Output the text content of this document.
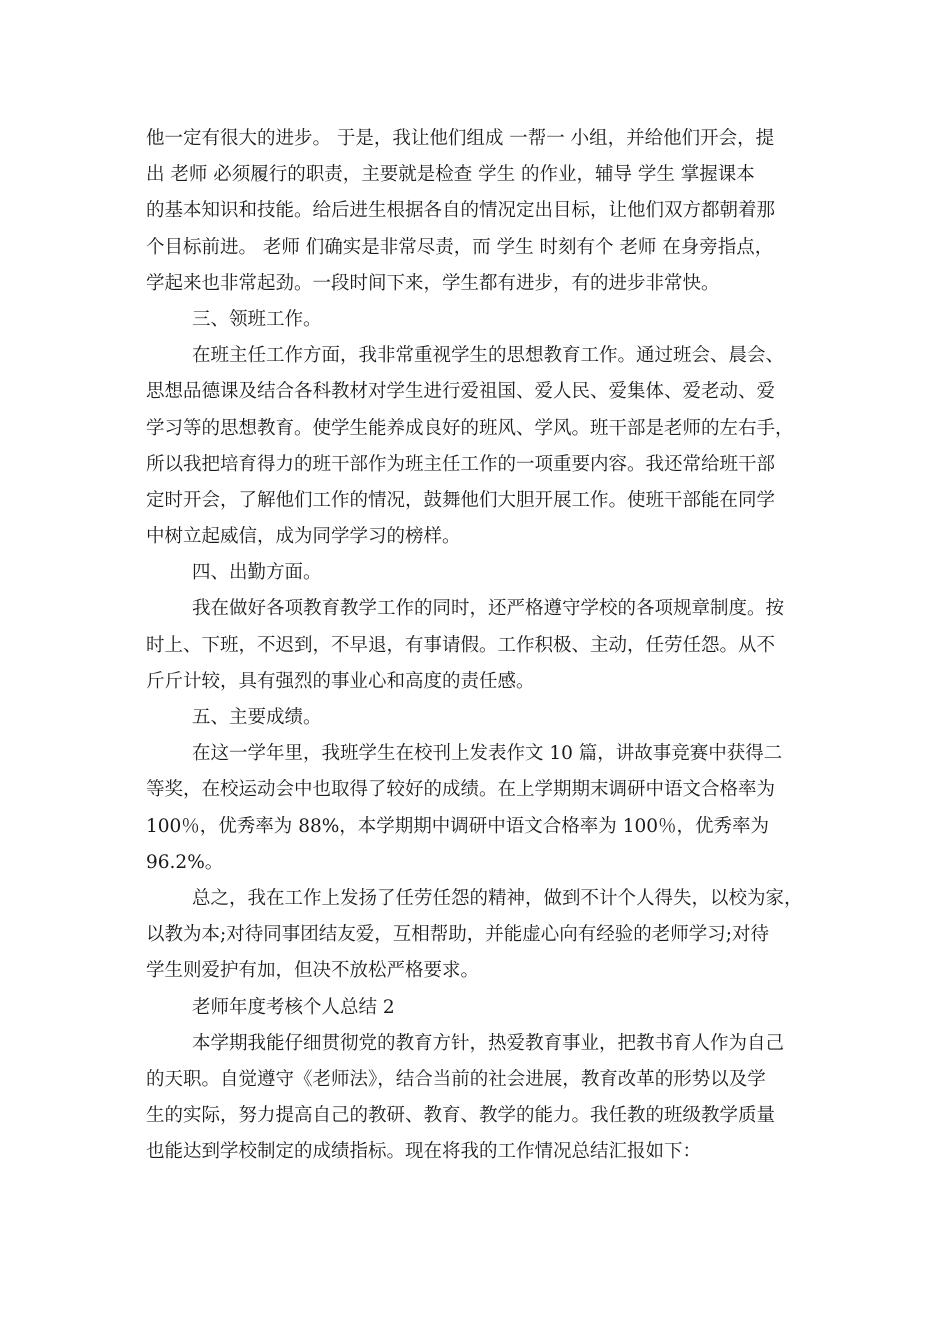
他一定有很大的进步。 于是，我让他们组成 一帮一 小组，并给他们开会，提
出 老师 必须履行的职责，主要就是检查 学生 的作业，辅导 学生 掌握课本
的基本知识和技能。给后进生根据各自的情况定出目标，让他们双方都朝着那
个目标前进。 老师 们确实是非常尽责，而 学生 时刻有个 老师 在身旁指点，
学起来也非常起劲。一段时间下来，学生都有进步，有的进步非常快。
三、领班工作。
在班主任工作方面，我非常重视学生的思想教育工作。通过班会、晨会、
思想品德课及结合各科教材对学生进行爱祖国、爱人民、爱集体、爱老动、爱
学习等的思想教育。使学生能养成良好的班风、学风。班干部是老师的左右手，
所以我把培育得力的班干部作为班主任工作的一项重要内容。我还常给班干部
定时开会，了解他们工作的情况，鼓舞他们大胆开展工作。使班干部能在同学
中树立起威信，成为同学学习的榜样。
四、出勤方面。
我在做好各项教育教学工作的同时，还严格遵守学校的各项规章制度。按
时上、下班，不迟到，不早退，有事请假。工作积极、主动，任劳任怨。从不
斤斤计较，具有强烈的事业心和高度的责任感。
五、主要成绩。
在这一学年里，我班学生在校刊上发表作文 10 篇，讲故事竞赛中获得二
等奖，在校运动会中也取得了较好的成绩。在上学期期末调研中语文合格率为
100％，优秀率为 88%，本学期期中调研中语文合格率为 100％，优秀率为
96.2%。
总之，我在工作上发扬了任劳任怨的精神，做到不计个人得失，以校为家，
以教为本;对待同事团结友爱，互相帮助，并能虚心向有经验的老师学习;对待
学生则爱护有加，但决不放松严格要求。
老师年度考核个人总结 2
本学期我能仔细贯彻党的教育方针，热爱教育事业，把教书育人作为自己
的天职。自觉遵守《老师法》，结合当前的社会进展，教育改革的形势以及学
生的实际，努力提高自己的教研、教育、教学的能力。我任教的班级教学质量
也能达到学校制定的成绩指标。现在将我的工作情况总结汇报如下：
